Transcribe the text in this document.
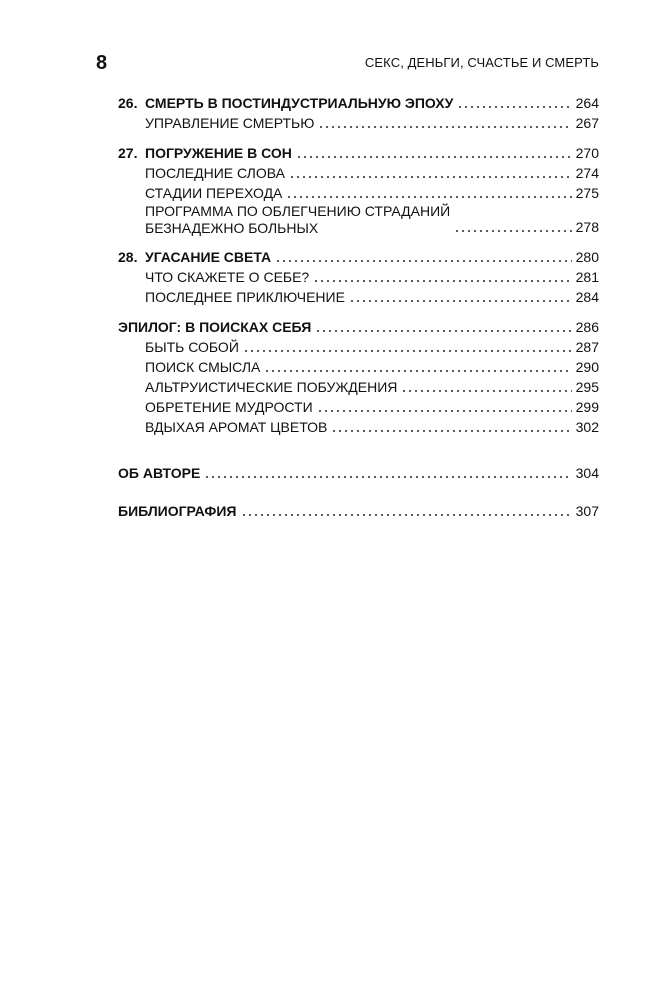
8	СЕКС, ДЕНЬГИ, СЧАСТЬЕ И СМЕРТЬ
26. СМЕРТЬ В ПОСТИНДУСТРИАЛЬНУЮ ЭПОХУ	264
УПРАВЛЕНИЕ СМЕРТЬЮ	267
27. ПОГРУЖЕНИЕ В СОН	270
ПОСЛЕДНИЕ СЛОВА	274
СТАДИИ ПЕРЕХОДА	275
ПРОГРАММА ПО ОБЛЕГЧЕНИЮ СТРАДАНИЙ
БЕЗНАДЕЖНО БОЛЬНЫХ	278
28. УГАСАНИЕ СВЕТА	280
ЧТО СКАЖЕТЕ О СЕБЕ?	281
ПОСЛЕДНЕЕ ПРИКЛЮЧЕНИЕ	284
ЭПИЛОГ: В ПОИСКАХ СЕБЯ	286
БЫТЬ СОБОЙ	287
ПОИСК СМЫСЛА	290
АЛЬТРУИСТИЧЕСКИЕ ПОБУЖДЕНИЯ	295
ОБРЕТЕНИЕ МУДРОСТИ	299
ВДЫХАЯ АРОМАТ ЦВЕТОВ	302
ОБ АВТОРЕ	304
БИБЛИОГРАФИЯ	307
